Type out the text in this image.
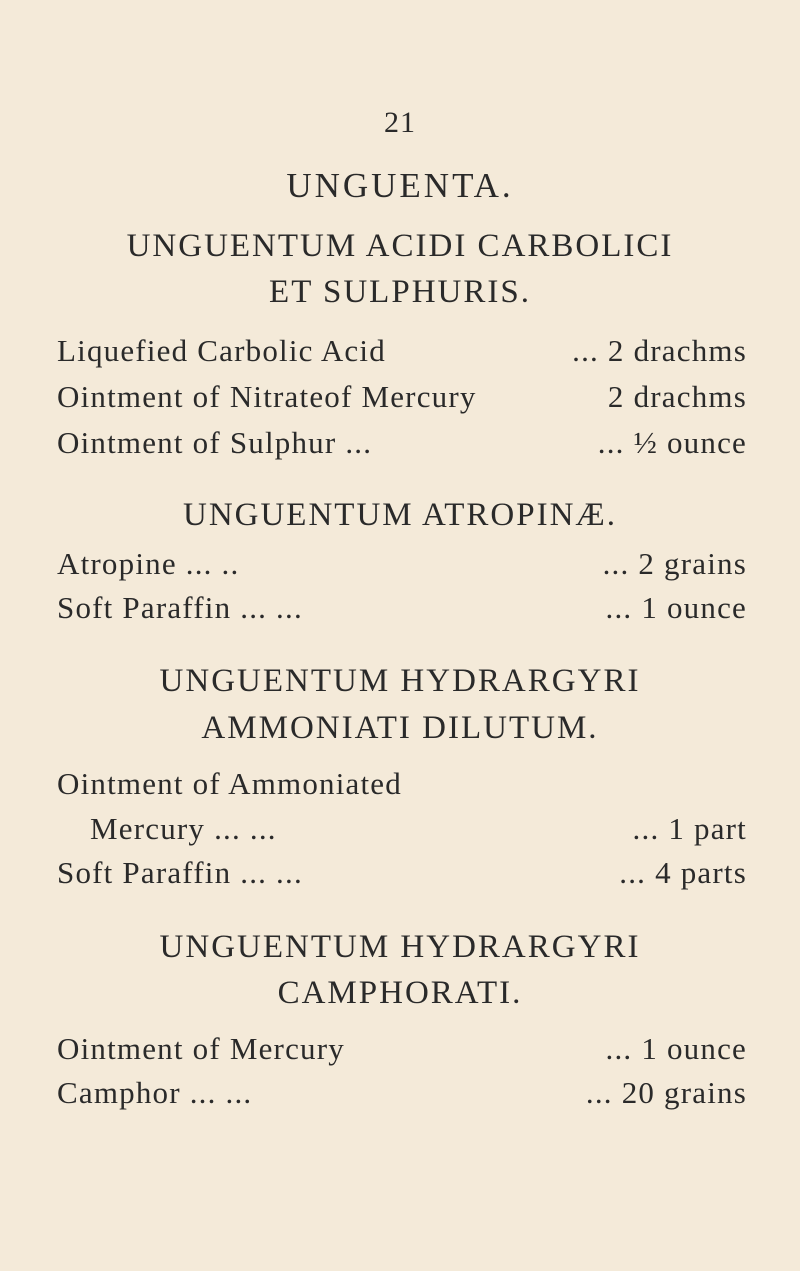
21
UNGUENTA.
UNGUENTUM ACIDI CARBOLICI
ET SULPHURIS.
Liquefied Carbolic Acid	... 2 drachms
Ointment of Nitrateof Mercury	2 drachms
Ointment of Sulphur ...	... ½ ounce
UNGUENTUM ATROPINÆ.
Atropine ... ..	... 2 grains
Soft Paraffin ... ...	... 1 ounce
UNGUENTUM HYDRARGYRI
AMMONIATI DILUTUM.
Ointment of Ammoniated
Mercury ... ...	... 1 part
Soft Paraffin ... ...	... 4 parts
UNGUENTUM HYDRARGYRI
CAMPHORATI.
Ointment of Mercury	... 1 ounce
Camphor ... ...	... 20 grains
